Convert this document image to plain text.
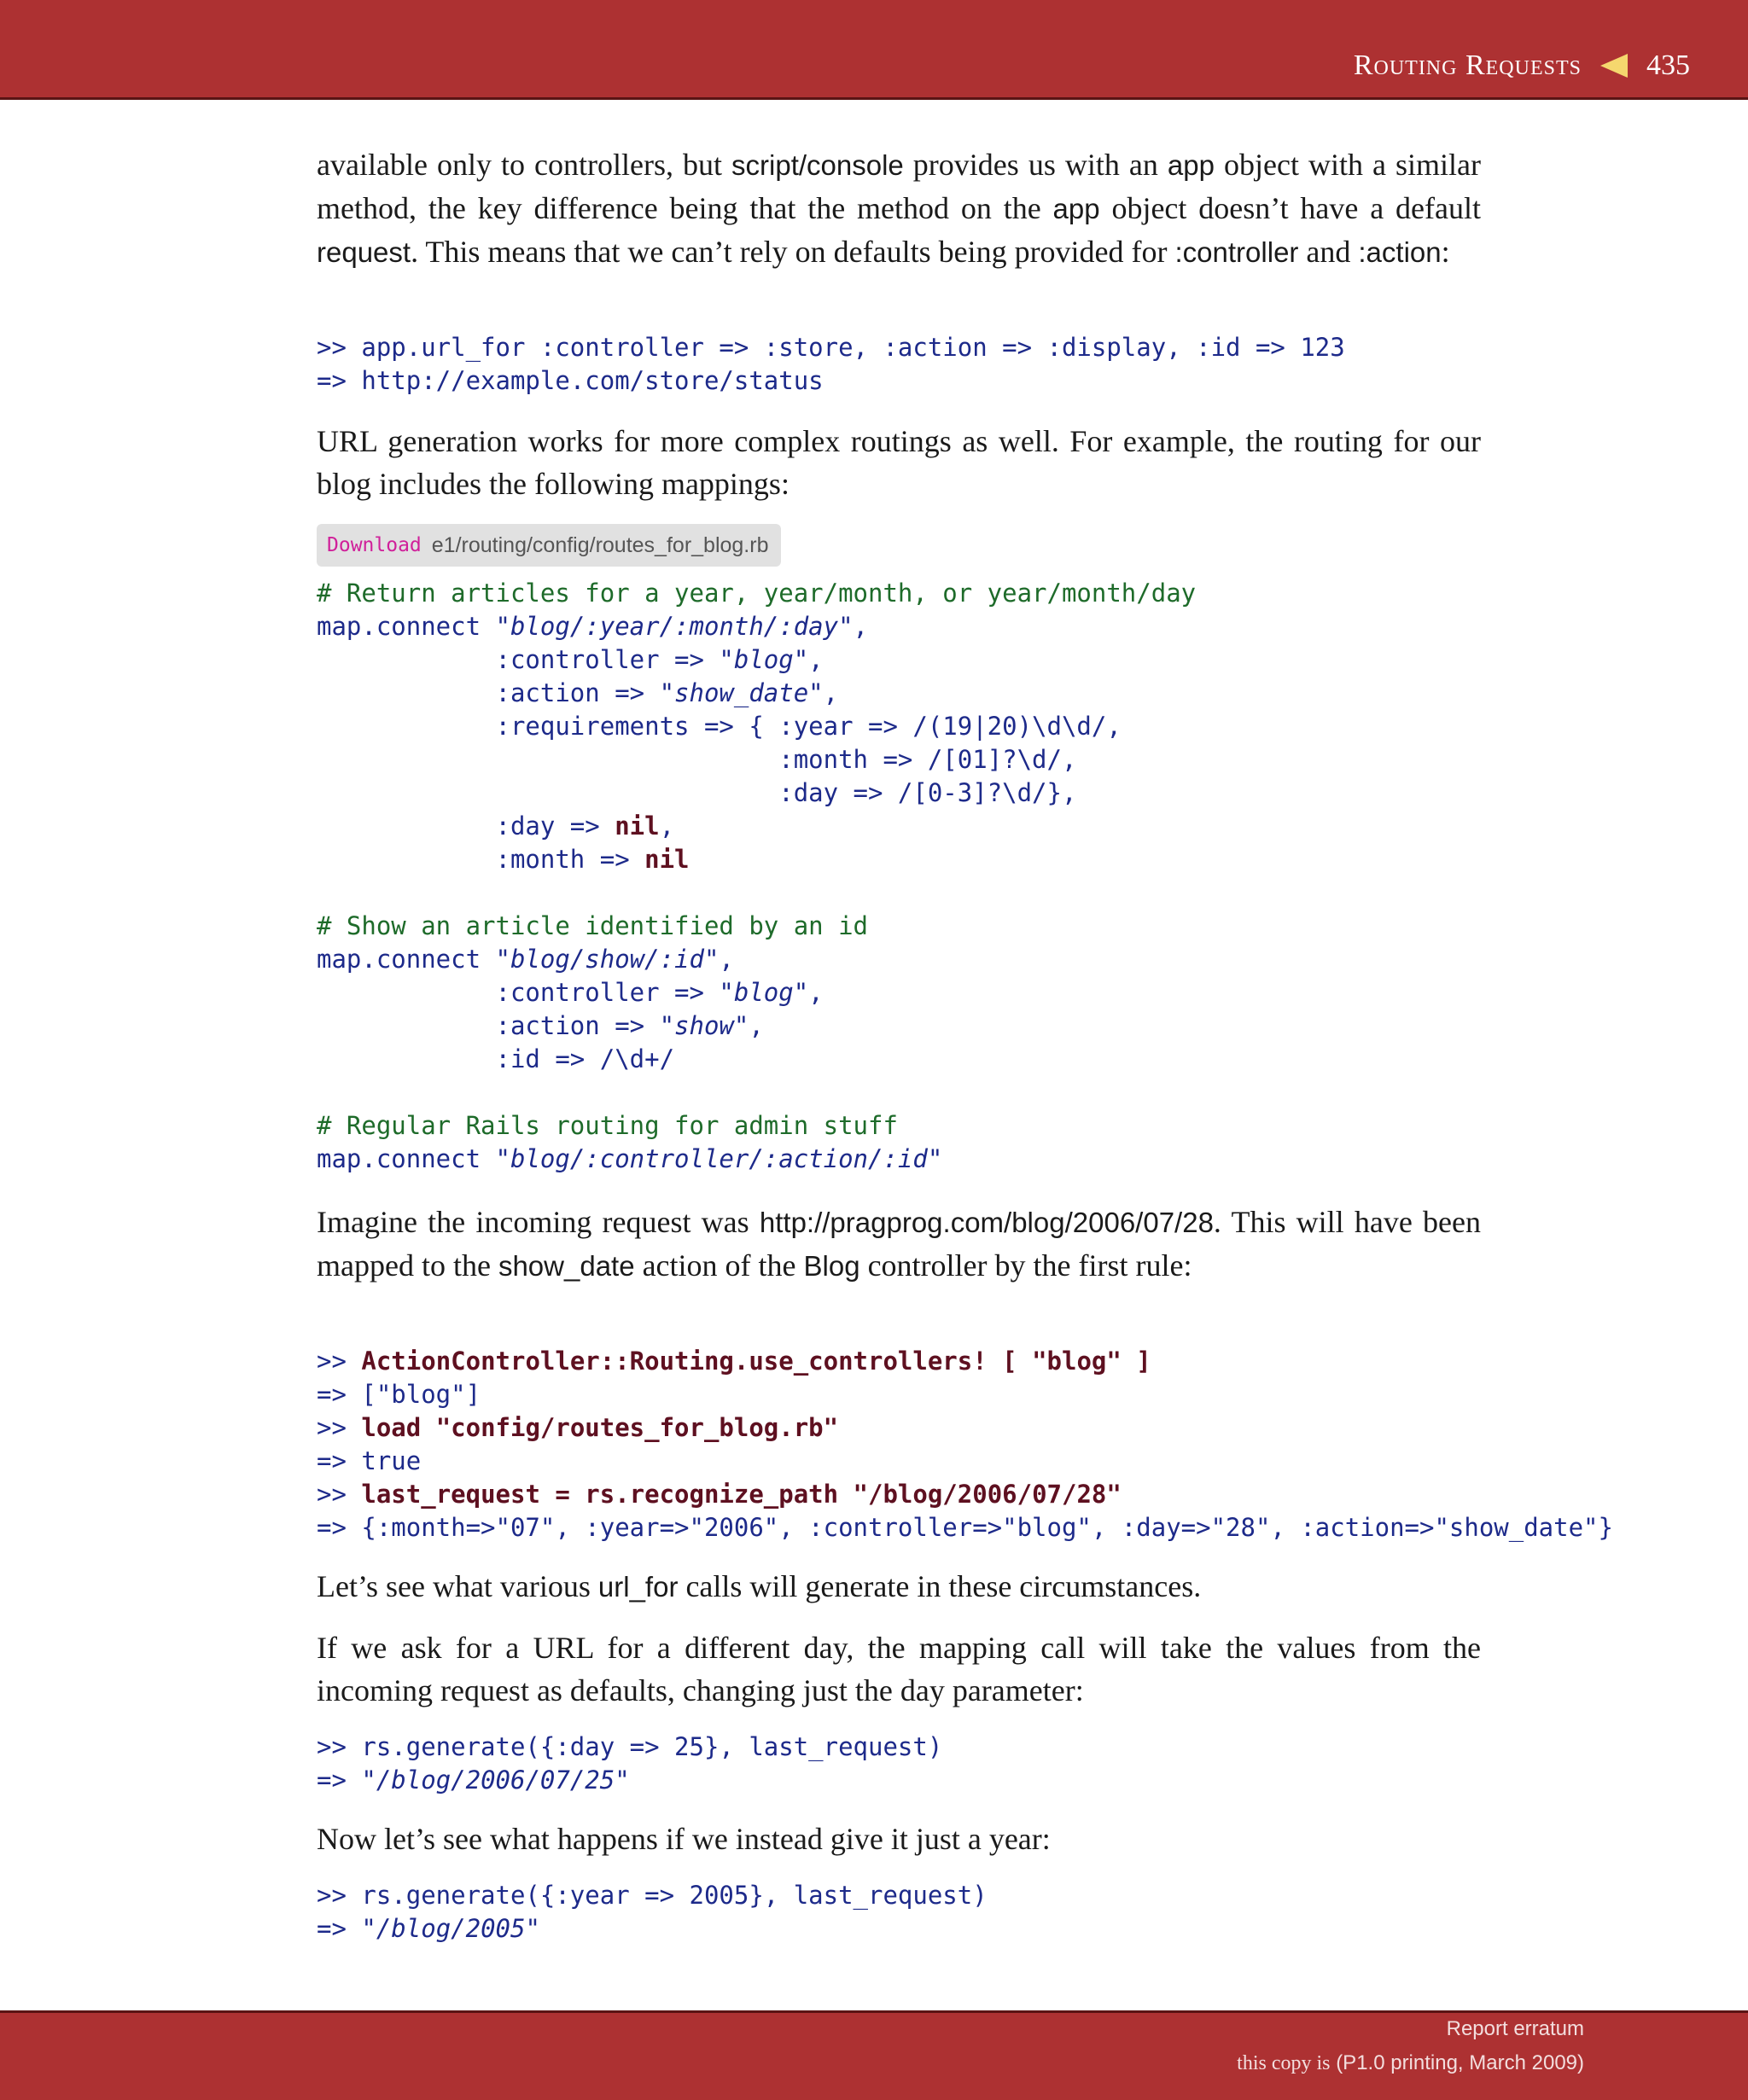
Routing Requests 435

available only to controllers, but script/console provides us with an app object with a similar method, the key difference being that the method on the app object doesn’t have a default request. This means that we can’t rely on defaults being provided for :controller and :action:

>> app.url_for :controller => :store, :action => :display, :id => 123
=> http://example.com/store/status

URL generation works for more complex routings as well. For example, the routing for our blog includes the following mappings:

Download e1/routing/config/routes_for_blog.rb
# Return articles for a year, year/month, or year/month/day
map.connect "blog/:year/:month/:day",
:controller => "blog",
:action => "show_date",
:requirements => { :year => /(19|20)\d\d/,
:month => /[01]?\d/,
:day => /[0-3]?\d/},
:day => nil,
:month => nil

# Show an article identified by an id
map.connect "blog/show/:id",
:controller => "blog",
:action => "show",
:id => /\d+/

# Regular Rails routing for admin stuff
map.connect "blog/:controller/:action/:id"

Imagine the incoming request was http://pragprog.com/blog/2006/07/28. This will have been mapped to the show_date action of the Blog controller by the first rule:

>> ActionController::Routing.use_controllers! [ "blog" ]
=> ["blog"]
>> load "config/routes_for_blog.rb"
=> true
>> last_request = rs.recognize_path "/blog/2006/07/28"
=> {:month=>"07", :year=>"2006", :controller=>"blog", :day=>"28", :action=>"show_date"}

Let’s see what various url_for calls will generate in these circumstances.

If we ask for a URL for a different day, the mapping call will take the values from the incoming request as defaults, changing just the day parameter:

>> rs.generate({:day => 25}, last_request)
=> "/blog/2006/07/25"

Now let’s see what happens if we instead give it just a year:

>> rs.generate({:year => 2005}, last_request)
=> "/blog/2005"
Report erratum
this copy is (P1.0 printing, March 2009)
